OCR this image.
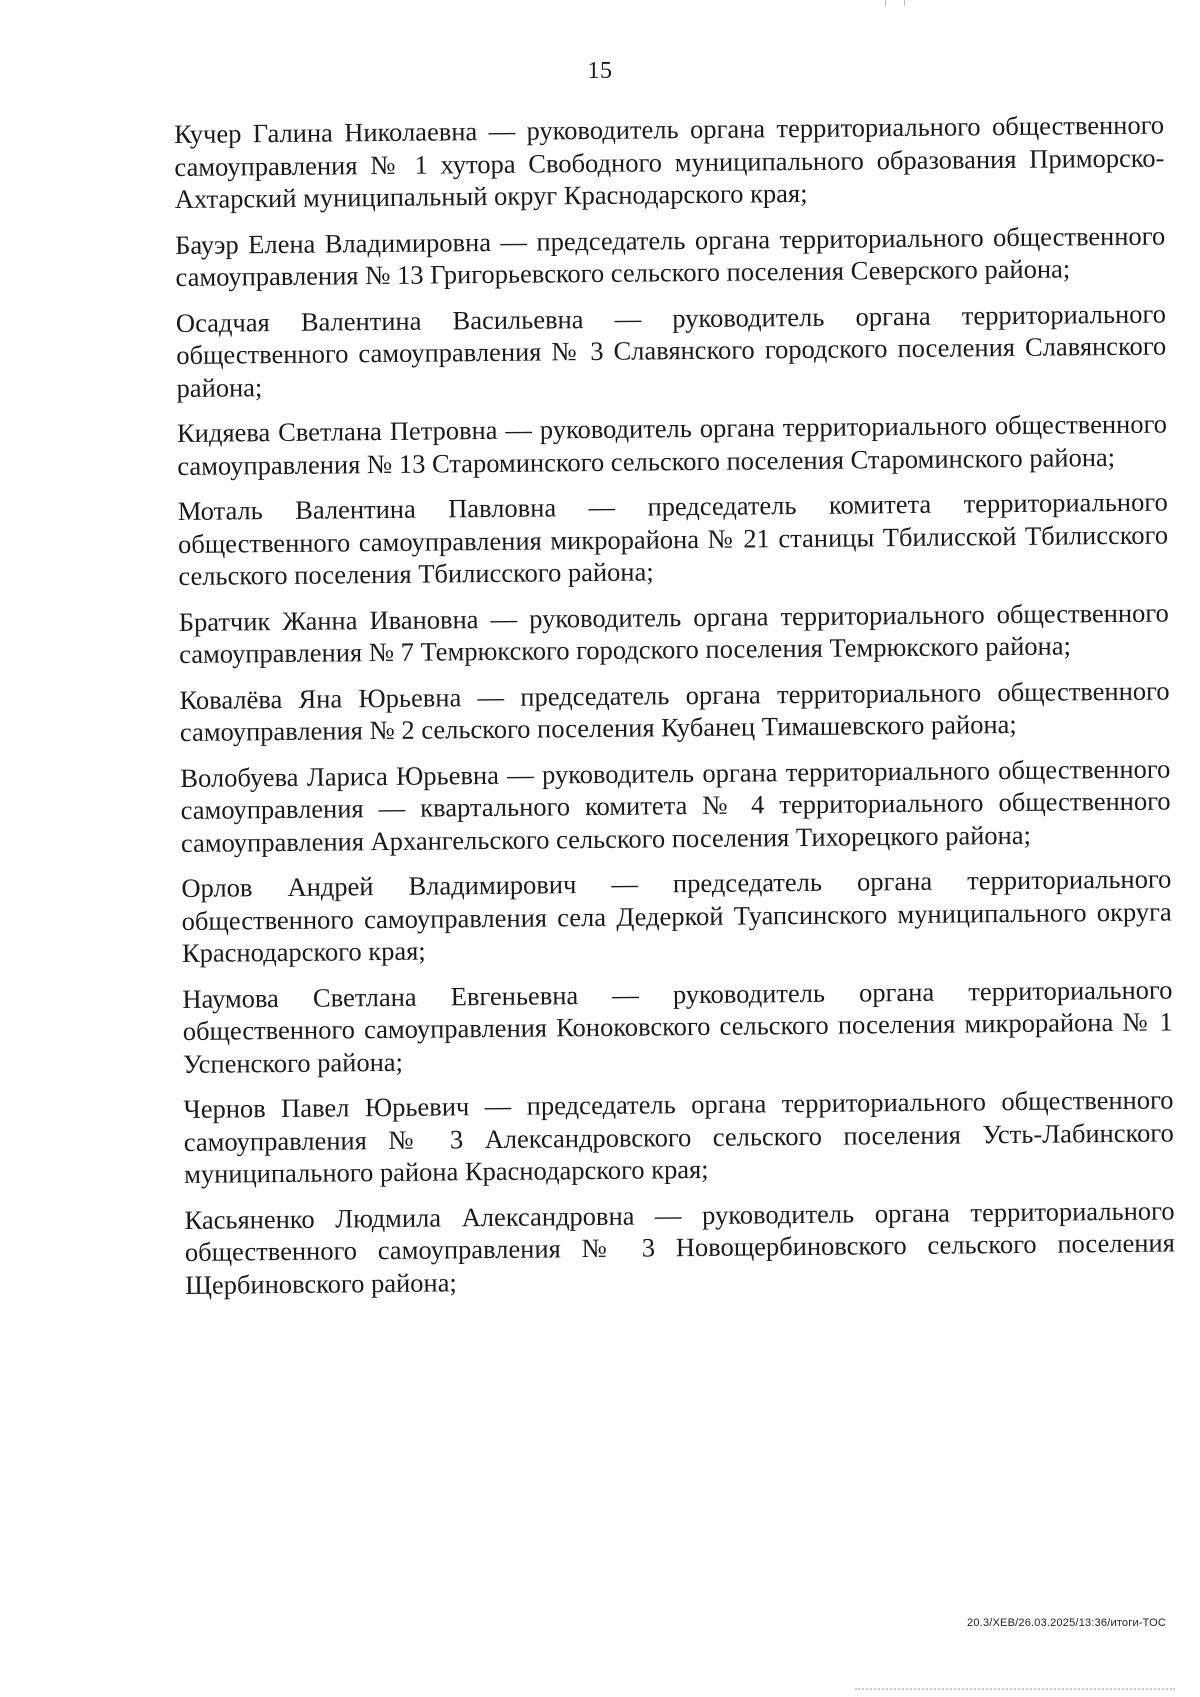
15

Кучер Галина Николаевна — руководитель органа территориального общественного самоуправления № 1 хутора Свободного муниципального образования Приморско-Ахтарский муниципальный округ Краснодарского края;

Бауэр Елена Владимировна — председатель органа территориального общественного самоуправления № 13 Григорьевского сельского поселения Северского района;

Осадчая Валентина Васильевна — руководитель органа территориального общественного самоуправления № 3 Славянского городского поселения Славянского района;

Кидяева Светлана Петровна — руководитель органа территориального общественного самоуправления № 13 Староминского сельского поселения Староминского района;

Моталь Валентина Павловна — председатель комитета территориального общественного самоуправления микрорайона № 21 станицы Тбилисской Тбилисского сельского поселения Тбилисского района;

Братчик Жанна Ивановна — руководитель органа территориального общественного самоуправления № 7 Темрюкского городского поселения Темрюкского района;

Ковалёва Яна Юрьевна — председатель органа территориального общественного самоуправления № 2 сельского поселения Кубанец Тимашевского района;

Волобуева Лариса Юрьевна — руководитель органа территориального общественного самоуправления — квартального комитета № 4 территориального общественного самоуправления Архангельского сельского поселения Тихорецкого района;

Орлов Андрей Владимирович — председатель органа территориального общественного самоуправления села Дедеркой Туапсинского муниципального округа Краснодарского края;

Наумова Светлана Евгеньевна — руководитель органа территориального общественного самоуправления Коноковского сельского поселения микрорайона № 1 Успенского района;

Чернов Павел Юрьевич — председатель органа территориального общественного самоуправления № 3 Александровского сельского поселения Усть-Лабинского муниципального района Краснодарского края;

Касьяненко Людмила Александровна — руководитель органа территориального общественного самоуправления № 3 Новощербиновского сельского поселения Щербиновского района;

20.3/ХЕВ/26.03.2025/13:36/итоги-ТОС
